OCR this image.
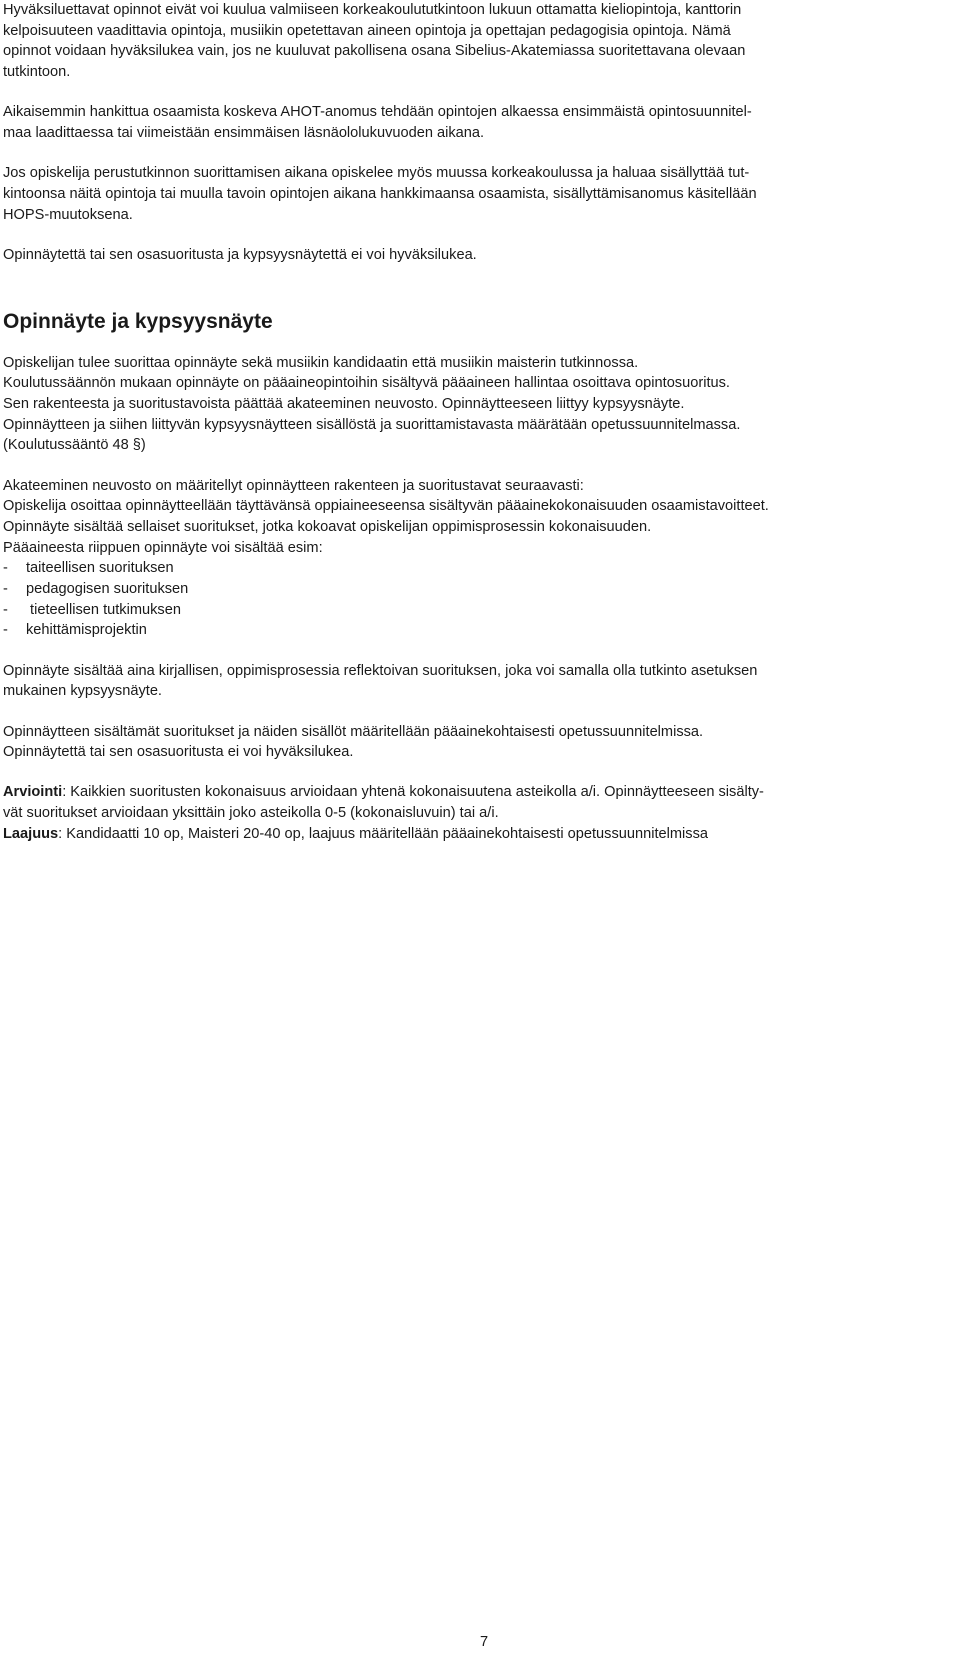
Hyväksiluettavat opinnot eivät voi kuulua valmiiseen korkeakoulututkintoon lukuun ottamatta kieliopintoja, kanttorin
kelpoisuuteen vaadittavia opintoja, musiikin opetettavan aineen opintoja ja opettajan pedagogisia opintoja. Nämä
opinnot voidaan hyväksilukea vain, jos ne kuuluvat pakollisena osana Sibelius-Akatemiassa suoritettavana olevaan
tutkintoon.

Aikaisemmin hankittua osaamista koskeva AHOT-anomus tehdään opintojen alkaessa ensimmäistä opintosuunnitel-
maa laadittaessa tai viimeistään ensimmäisen läsnäololukuvuoden aikana.

Jos opiskelija perustutkinnon suorittamisen aikana opiskelee myös muussa korkeakoulussa ja haluaa sisällyttää tut-
kintoonsa näitä opintoja tai muulla tavoin opintojen aikana hankkimaansa osaamista, sisällyttämisanomus käsitellään
HOPS-muutoksena.

Opinnäytettä tai sen osasuoritusta ja kypsyysnäytettä ei voi hyväksilukea.

Opinnäyte ja kypsyysnäyte

Opiskelijan tulee suorittaa opinnäyte sekä musiikin kandidaatin että musiikin maisterin tutkinnossa.
Koulutussäännön mukaan opinnäyte on pääaineopintoihin sisältyvä pääaineen hallintaa osoittava opintosuoritus.
Sen rakenteesta ja suoritustavoista päättää akateeminen neuvosto. Opinnäytteeseen liittyy kypsyysnäyte.
Opinnäytteen ja siihen liittyvän kypsyysnäytteen sisällöstä ja suorittamistavasta määrätään opetussuunnitelmassa.
(Koulutussääntö 48 §)

Akateeminen neuvosto on määritellyt opinnäytteen rakenteen ja suoritustavat seuraavasti:
Opiskelija osoittaa opinnäytteellään täyttävänsä oppiaineeseensa sisältyvän pääainekokonaisuuden osaamistavoitteet.
Opinnäyte sisältää sellaiset suoritukset, jotka kokoavat opiskelijan oppimisprosessin kokonaisuuden.
Pääaineesta riippuen opinnäyte voi sisältää esim:
- taiteellisen suorituksen
- pedagogisen suorituksen
- tieteellisen tutkimuksen
- kehittämisprojektin

Opinnäyte sisältää aina kirjallisen, oppimisprosessia reflektoivan suorituksen, joka voi samalla olla tutkinto asetuksen
mukainen kypsyysnäyte.

Opinnäytteen sisältämät suoritukset ja näiden sisällöt määritellään pääainekohtaisesti opetussuunnitelmissa.
Opinnäytettä tai sen osasuoritusta ei voi hyväksilukea.

Arviointi: Kaikkien suoritusten kokonaisuus arvioidaan yhtenä kokonaisuutena asteikolla a/i. Opinnäytteeseen sisälty-
vät suoritukset arvioidaan yksittäin joko asteikolla 0-5 (kokonaisluvuin) tai a/i.
Laajuus: Kandidaatti 10 op, Maisteri 20-40 op, laajuus määritellään pääainekohtaisesti opetussuunnitelmissa

7
